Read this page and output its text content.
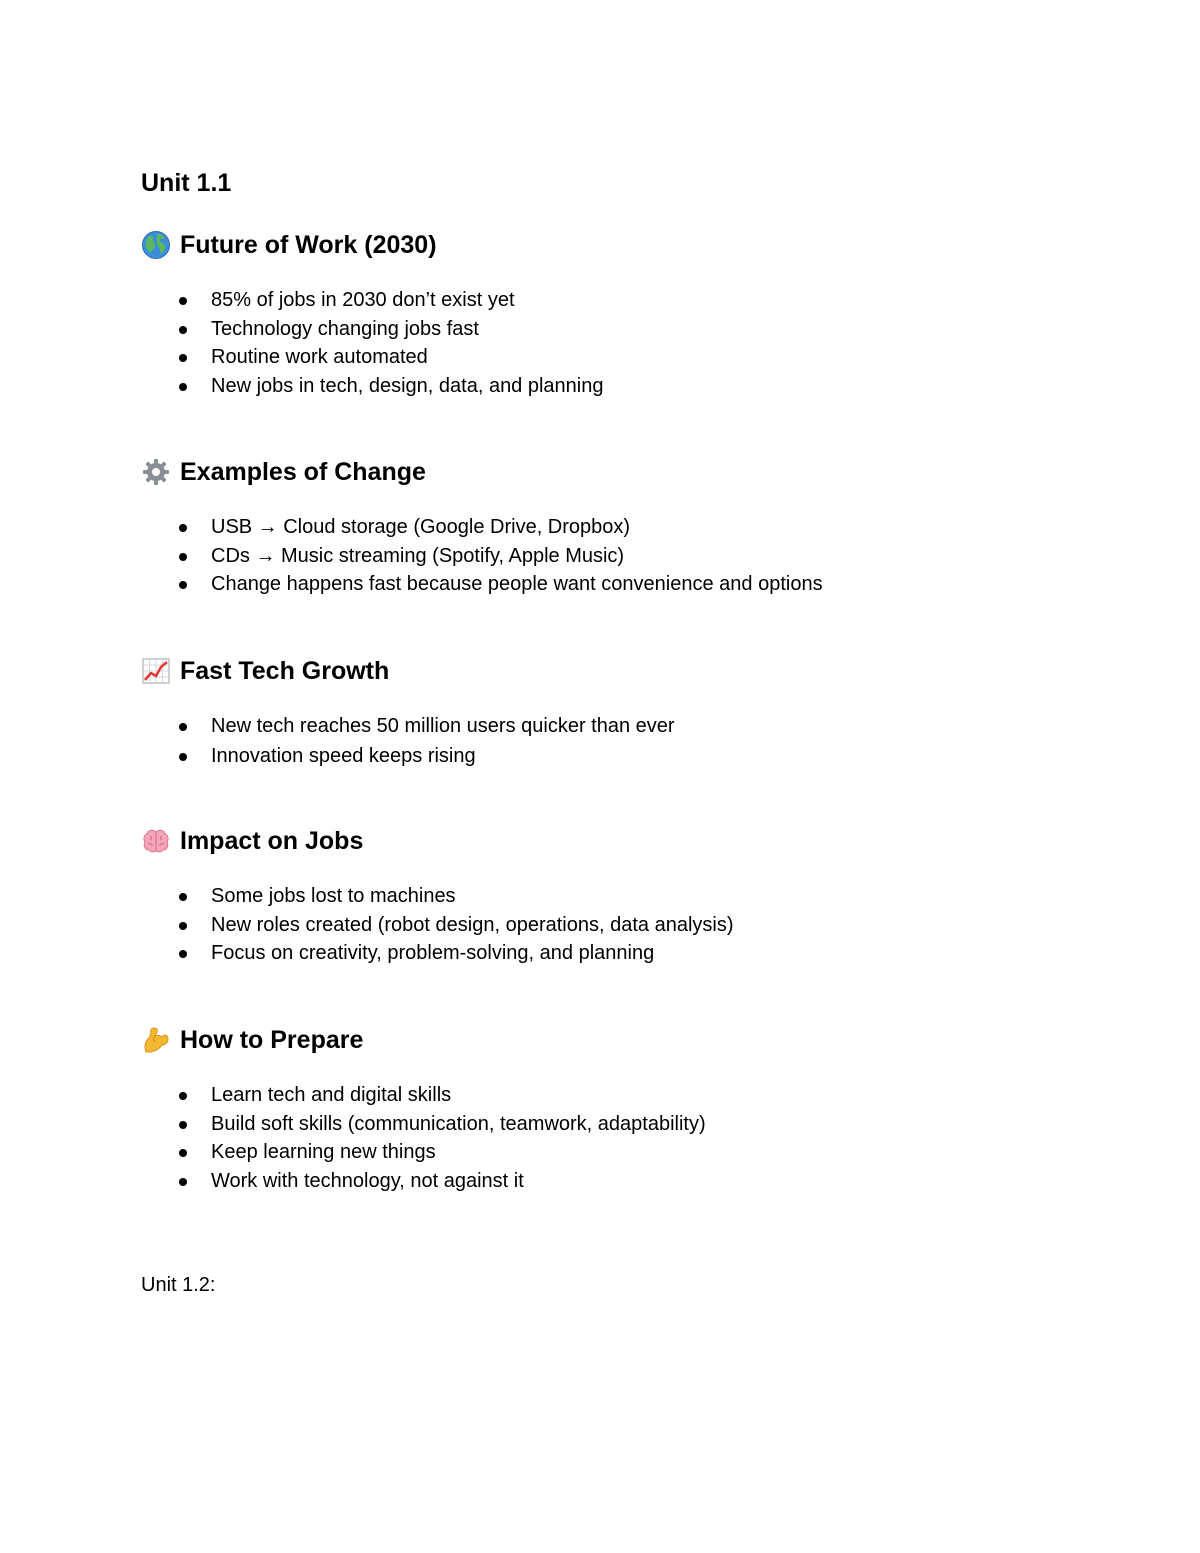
Unit 1.1
Future of Work (2030)
85% of jobs in 2030 don’t exist yet
Technology changing jobs fast
Routine work automated
New jobs in tech, design, data, and planning
Examples of Change
USB → Cloud storage (Google Drive, Dropbox)
CDs → Music streaming (Spotify, Apple Music)
Change happens fast because people want convenience and options
Fast Tech Growth
New tech reaches 50 million users quicker than ever
Innovation speed keeps rising
Impact on Jobs
Some jobs lost to machines
New roles created (robot design, operations, data analysis)
Focus on creativity, problem-solving, and planning
How to Prepare
Learn tech and digital skills
Build soft skills (communication, teamwork, adaptability)
Keep learning new things
Work with technology, not against it

Unit 1.2:
